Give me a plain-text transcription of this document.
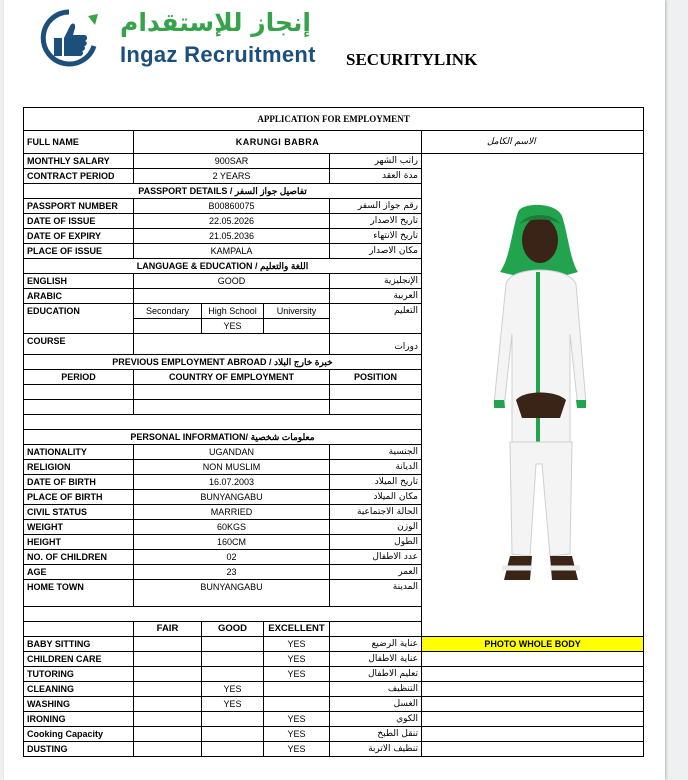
إنجاز للإستقدام
Ingaz Recruitment SECURITYLINK
APPLICATION FOR EMPLOYMENT					
FULL NAME	KARUNGI BABRA				الاسم الكامل
MONTHLY SALARY	900SAR			راتب الشهر	

CONTRACT PERIOD	2 YEARS			مدة العقد	
PASSPORT DETAILS / تفاصيل جواز السفر					
PASSPORT NUMBER	B00860075			رقم جواز السفر	
DATE OF ISSUE	22.05.2026			تاريخ الاصدار	
DATE OF EXPIRY	21.05.2036			تاريخ الانتهاء	
PLACE OF ISSUE	KAMPALA			مكان الاصدار	
LANGUAGE & EDUCATION / اللغة والتعليم					
ENGLISH	GOOD			الإنجليزية	
ARABIC				العربية	
EDUCATION	Secondary	High School	University	التعليم	
		YES			
COURSE				دورات	
PREVIOUS EMPLOYMENT ABROAD / خبرة خارج البلاد					
PERIOD	COUNTRY OF EMPLOYMENT			POSITION	

PERSONAL INFORMATION/ معلومات شخصية					
NATIONALITY	UGANDAN			الجنسية	
RELIGION	NON MUSLIM			الديانة	
DATE OF BIRTH	16.07.2003			تاريخ الميلاد	
PLACE OF BIRTH	BUNYANGABU			مكان الميلاد	
CIVIL STATUS	MARRIED			الحالة الاجتماعية	
WEIGHT	60KGS			الوزن	
HEIGHT	160CM			الطول	
NO. OF CHILDREN	02			عدد الاطفال	
AGE	23			العمر	
HOME TOWN	BUNYANGABU			المدينة	

	FAIR	GOOD	EXCELLENT		
BABY SITTING			YES	عناية الرضيع	PHOTO WHOLE BODY
CHILDREN CARE			YES	عناية الاطفال	
TUTORING			YES	تعليم الاطفال	
CLEANING		YES		التنظيف	
WASHING		YES		الغسل	
IRONING			YES	الكوي	
Cooking Capacity			YES	تنقل الطبخ	
DUSTING			YES	تنظيف الاتربة	
